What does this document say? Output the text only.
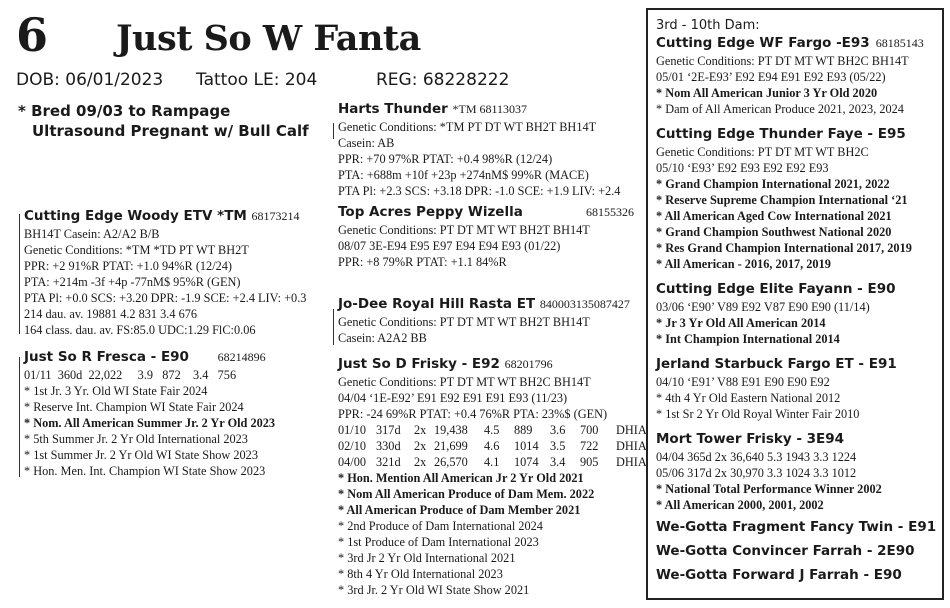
6 Just So W Fanta
DOB: 06/01/2023 Tattoo LE: 204	REG: 68228222
* Bred 09/03 to Rampage
Ultrasound Pregnant w/ Bull Calf
Harts Thunder *TM 68113037
Genetic Conditions: *TM PT DT WT BH2T BH14T
Casein: AB
PPR: +70 97%R PTAT: +0.4 98%R (12/24)
PTA: +688m +10f +23p +274nM$ 99%R (MACE)
PTA Pl: +2.3 SCS: +3.18 DPR: -1.0 SCE: +1.9 LIV: +2.4
Cutting Edge Woody ETV *TM 68173214
BH14T Casein: A2/A2 B/B
Genetic Conditions: *TM *TD PT WT BH2T
PPR: +2 91%R PTAT: +1.0 94%R (12/24)
PTA: +214m -3f +4p -77nM$ 95%R (GEN)
PTA Pl: +0.0 SCS: +3.20 DPR: -1.9 SCE: +2.4 LIV: +0.3
214 dau. av. 19881 4.2 831 3.4 676
164 class. dau. av. FS:85.0 UDC:1.29 FlC:0.06
Top Acres Peppy Wizella	68155326
Genetic Conditions: PT DT MT WT BH2T BH14T
08/07 3E-E94 E95 E97 E94 E94 E93 (01/22)
PPR: +8 79%R PTAT: +1.1 84%R
Just So R Fresca - E90 68214896
01/11 360d 22,022 3.9 872 3.4 756
* 1st Jr. 3 Yr. Old WI State Fair 2024
* Reserve Int. Champion WI State Fair 2024
* Nom. All American Summer Jr. 2 Yr Old 2023
* 5th Summer Jr. 2 Yr Old International 2023
* 1st Summer Jr. 2 Yr Old WI State Show 2023
* Hon. Men. Int. Champion WI State Show 2023
Jo-Dee Royal Hill Rasta ET 840003135087427
Genetic Conditions: PT DT MT WT BH2T BH14T
Casein: A2A2 BB
Just So D Frisky - E92 68201796
Genetic Conditions: PT DT MT WT BH2C BH14T
04/04 ‘1E-E92’ E91 E92 E91 E91 E93 (11/23)
PPR: -24 69%R PTAT: +0.4 76%R PTA: 23%$ (GEN)
01/10 317d 2x 19,438 4.5 889 3.6 700 DHIA
02/10 330d 2x 21,699 4.6 1014 3.5 722 DHIA
04/00 321d 2x 26,570 4.1 1074 3.4 905 DHIA
* Hon. Mention All American Jr 2 Yr Old 2021
* Nom All American Produce of Dam Mem. 2022
* All American Produce of Dam Member 2021
* 2nd Produce of Dam International 2024
* 1st Produce of Dam International 2023
* 3rd Jr 2 Yr Old International 2021
* 8th 4 Yr Old International 2023
* 3rd Jr. 2 Yr Old WI State Show 2021
3rd - 10th Dam:
Cutting Edge WF Fargo -E93 68185143
Genetic Conditions: PT DT MT WT BH2C BH14T
05/01 ‘2E-E93’ E92 E94 E91 E92 E93 (05/22)
* Nom All American Junior 3 Yr Old 2020
* Dam of All American Produce 2021, 2023, 2024
Cutting Edge Thunder Faye - E95
Genetic Conditions: PT DT MT WT BH2C
05/10 ‘E93’ E92 E93 E92 E92 E93
* Grand Champion International 2021, 2022
* Reserve Supreme Champion International ‘21
* All American Aged Cow International 2021
* Grand Champion Southwest National 2020
* Res Grand Champion International 2017, 2019
* All American - 2016, 2017, 2019
Cutting Edge Elite Fayann - E90
03/06 ‘E90’ V89 E92 V87 E90 E90 (11/14)
* Jr 3 Yr Old All American 2014
* Int Champion International 2014
Jerland Starbuck Fargo ET - E91
04/10 ‘E91’ V88 E91 E90 E90 E92
* 4th 4 Yr Old Eastern National 2012
* 1st Sr 2 Yr Old Royal Winter Fair 2010
Mort Tower Frisky - 3E94
04/04 365d 2x 36,640 5.3 1943 3.3 1224
05/06 317d 2x 30,970 3.3 1024 3.3 1012
* National Total Performance Winner 2002
* All American 2000, 2001, 2002
We-Gotta Fragment Fancy Twin - E91
We-Gotta Convincer Farrah - 2E90
We-Gotta Forward J Farrah - E90
